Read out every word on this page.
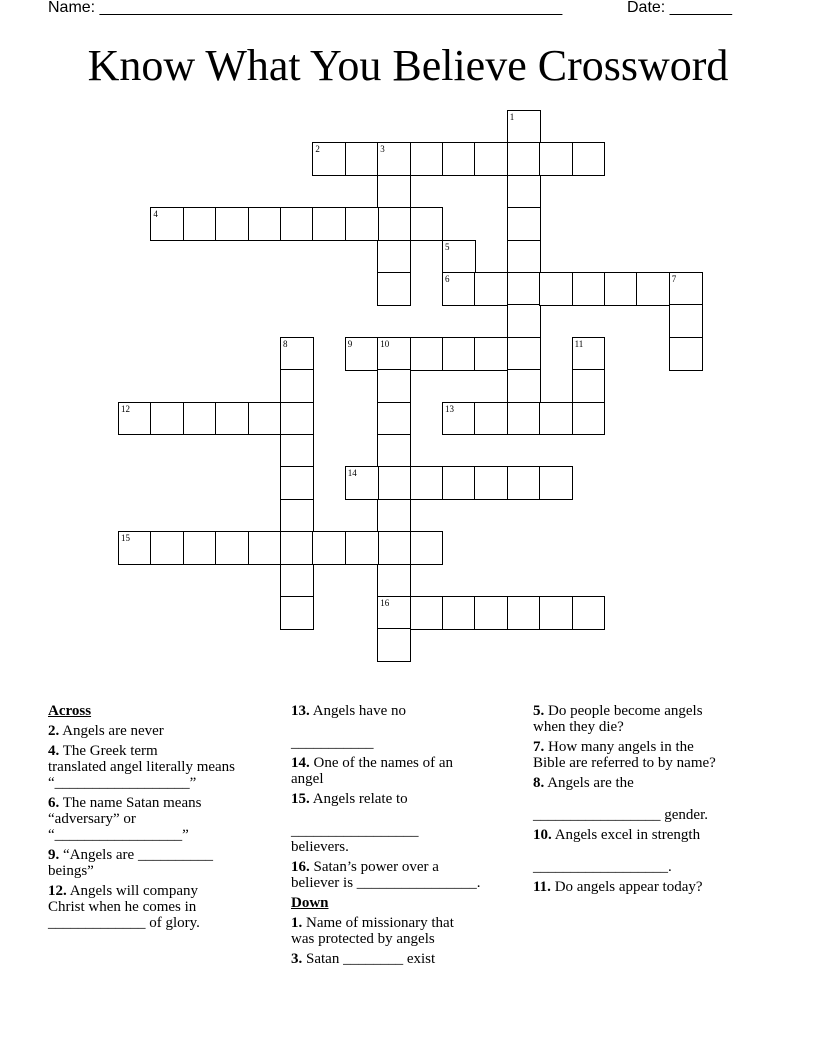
Name: ____________________________________________________	Date: _______
Know What You Believe Crossword
1
2	3
4
5
6	7
8	9	10
16
11
12	13
14
15
Across
2. Angels are never
4. The Greek term
translated angel literally means
“__________________”
6. The name Satan means
“adversary” or
“_________________”
9. “Angels are __________
beings”
12. Angels will company
Christ when he comes in
_____________ of glory.
13. Angels have no

___________
14. One of the names of an
angel
15. Angels relate to

_________________
believers.
16. Satan’s power over a
believer is ________________.
Down
1. Name of missionary that
was protected by angels
3. Satan ________ exist
5. Do people become angels
when they die?
7. How many angels in the
Bible are referred to by name?
8. Angels are the

_________________ gender.
10. Angels excel in strength

__________________.
11. Do angels appear today?
